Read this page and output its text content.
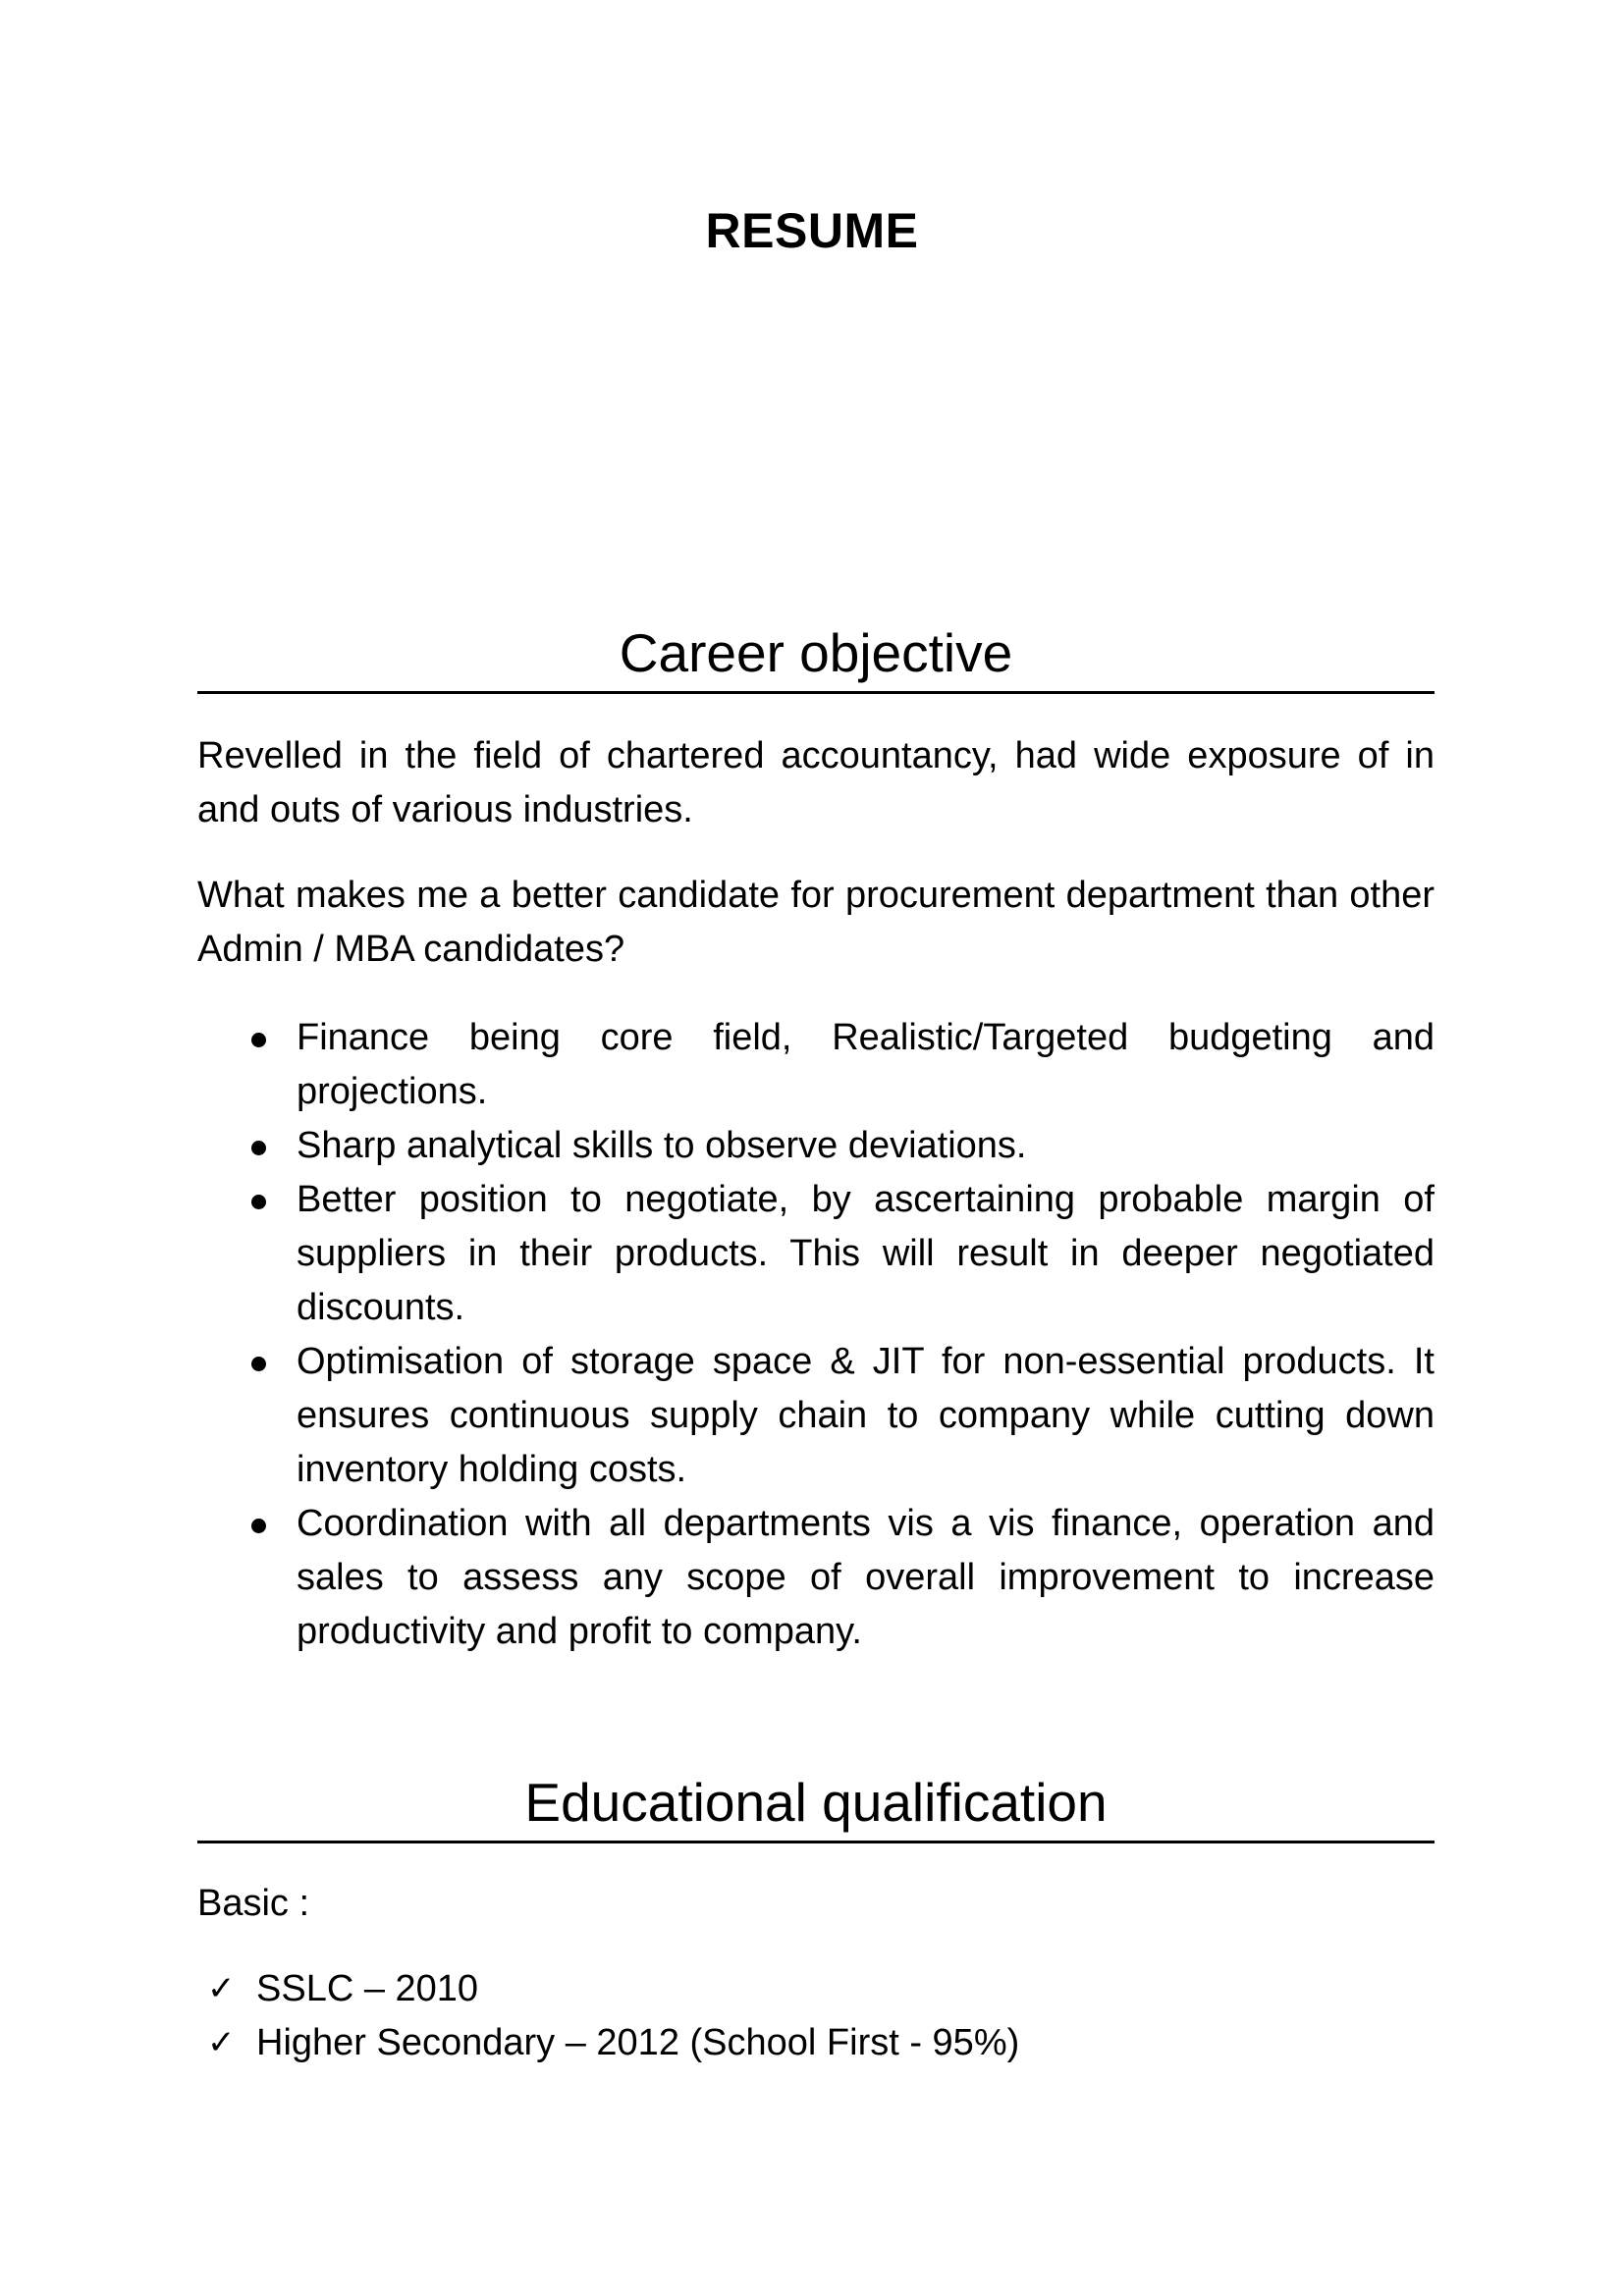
RESUME
Career objective
Revelled in the field of chartered accountancy, had wide exposure of in and outs of various industries.
What makes me a better candidate for procurement department than other Admin / MBA candidates?
Finance being core field, Realistic/Targeted budgeting and projections.
Sharp analytical skills to observe deviations.
Better position to negotiate, by ascertaining probable margin of suppliers in their products. This will result in deeper negotiated discounts.
Optimisation of storage space & JIT for non-essential products. It ensures continuous supply chain to company while cutting down inventory holding costs.
Coordination with all departments vis a vis finance, operation and sales to assess any scope of overall improvement to increase productivity and profit to company.
Educational qualification
Basic :
✓ SSLC – 2010
✓ Higher Secondary – 2012 (School First - 95%)
